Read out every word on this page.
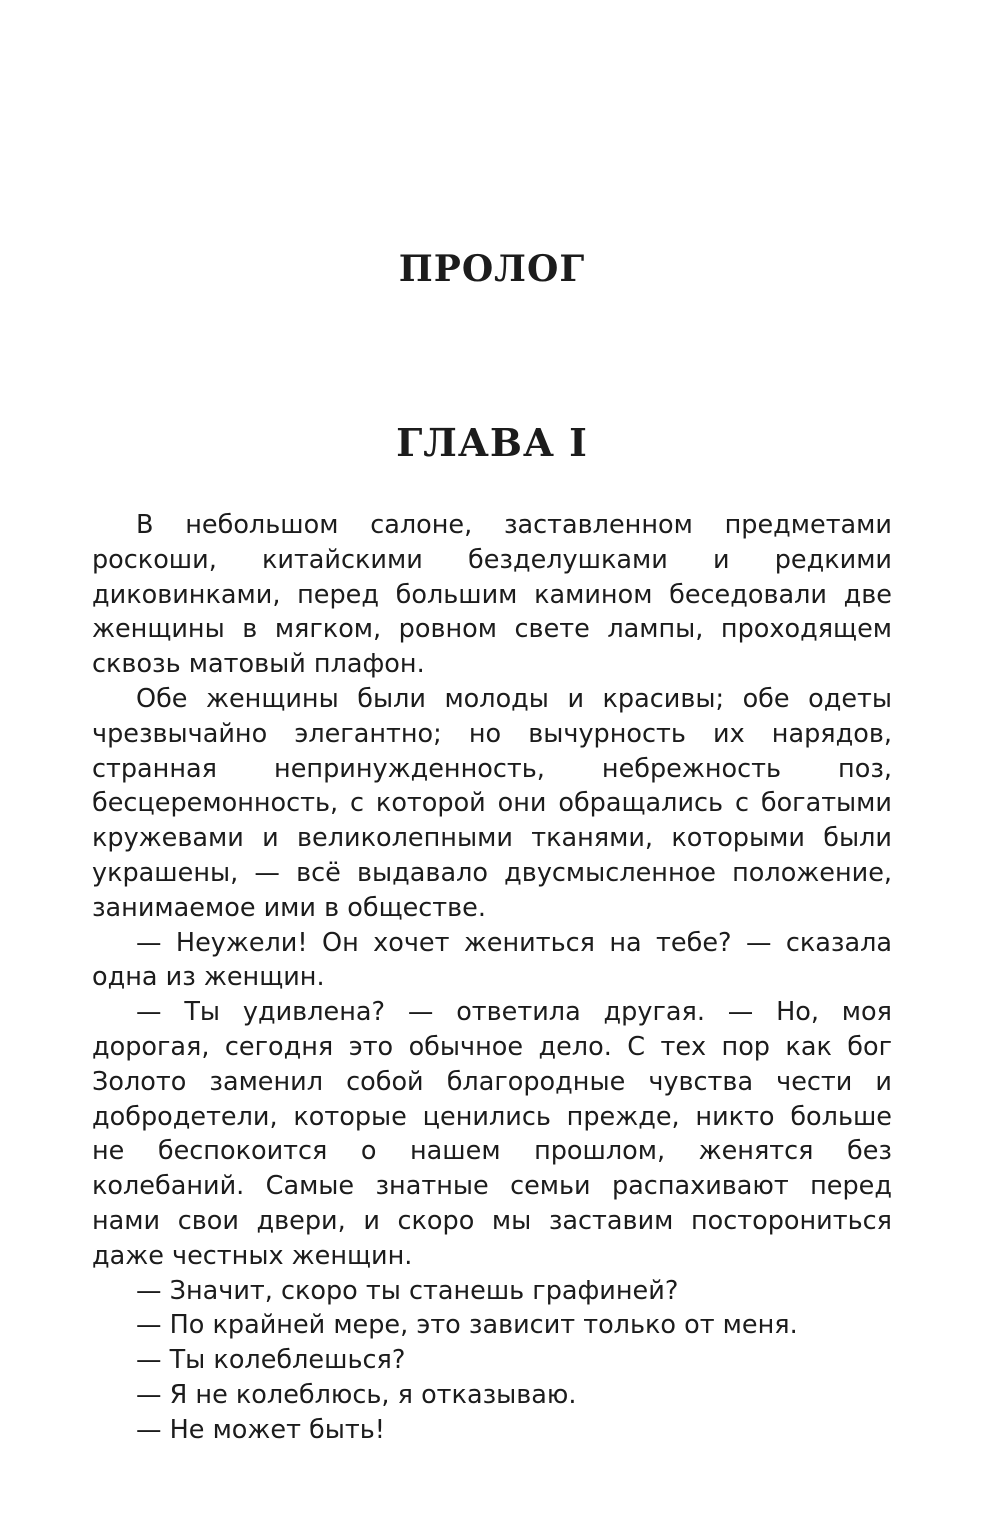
ПРОЛОГ
ГЛАВА I

В небольшом салоне, заставленном предметами роскоши, китайскими безделушками и редкими диковинками, перед большим камином беседовали две женщины в мягком, ровном свете лампы, проходящем сквозь матовый плафон.

Обе женщины были молоды и красивы; обе одеты чрезвычайно элегантно; но вычурность их нарядов, странная непринужденность, небрежность поз, бесцеремонность, с которой они обращались с богатыми кружевами и великолепными тканями, которыми были украшены, — всё выдавало двусмысленное положение, занимаемое ими в обществе.

— Неужели! Он хочет жениться на тебе? — сказала одна из женщин.

— Ты удивлена? — ответила другая. — Но, моя дорогая, сегодня это обычное дело. С тех пор как бог Золото заменил собой благородные чувства чести и добродетели, которые ценились прежде, никто больше не беспокоится о нашем прошлом, женятся без колебаний. Самые знатные семьи распахивают перед нами свои двери, и скоро мы заставим посторониться даже честных женщин.

— Значит, скоро ты станешь графиней?

— По крайней мере, это зависит только от меня.

— Ты колеблешься?

— Я не колеблюсь, я отказываю.

— Не может быть!
